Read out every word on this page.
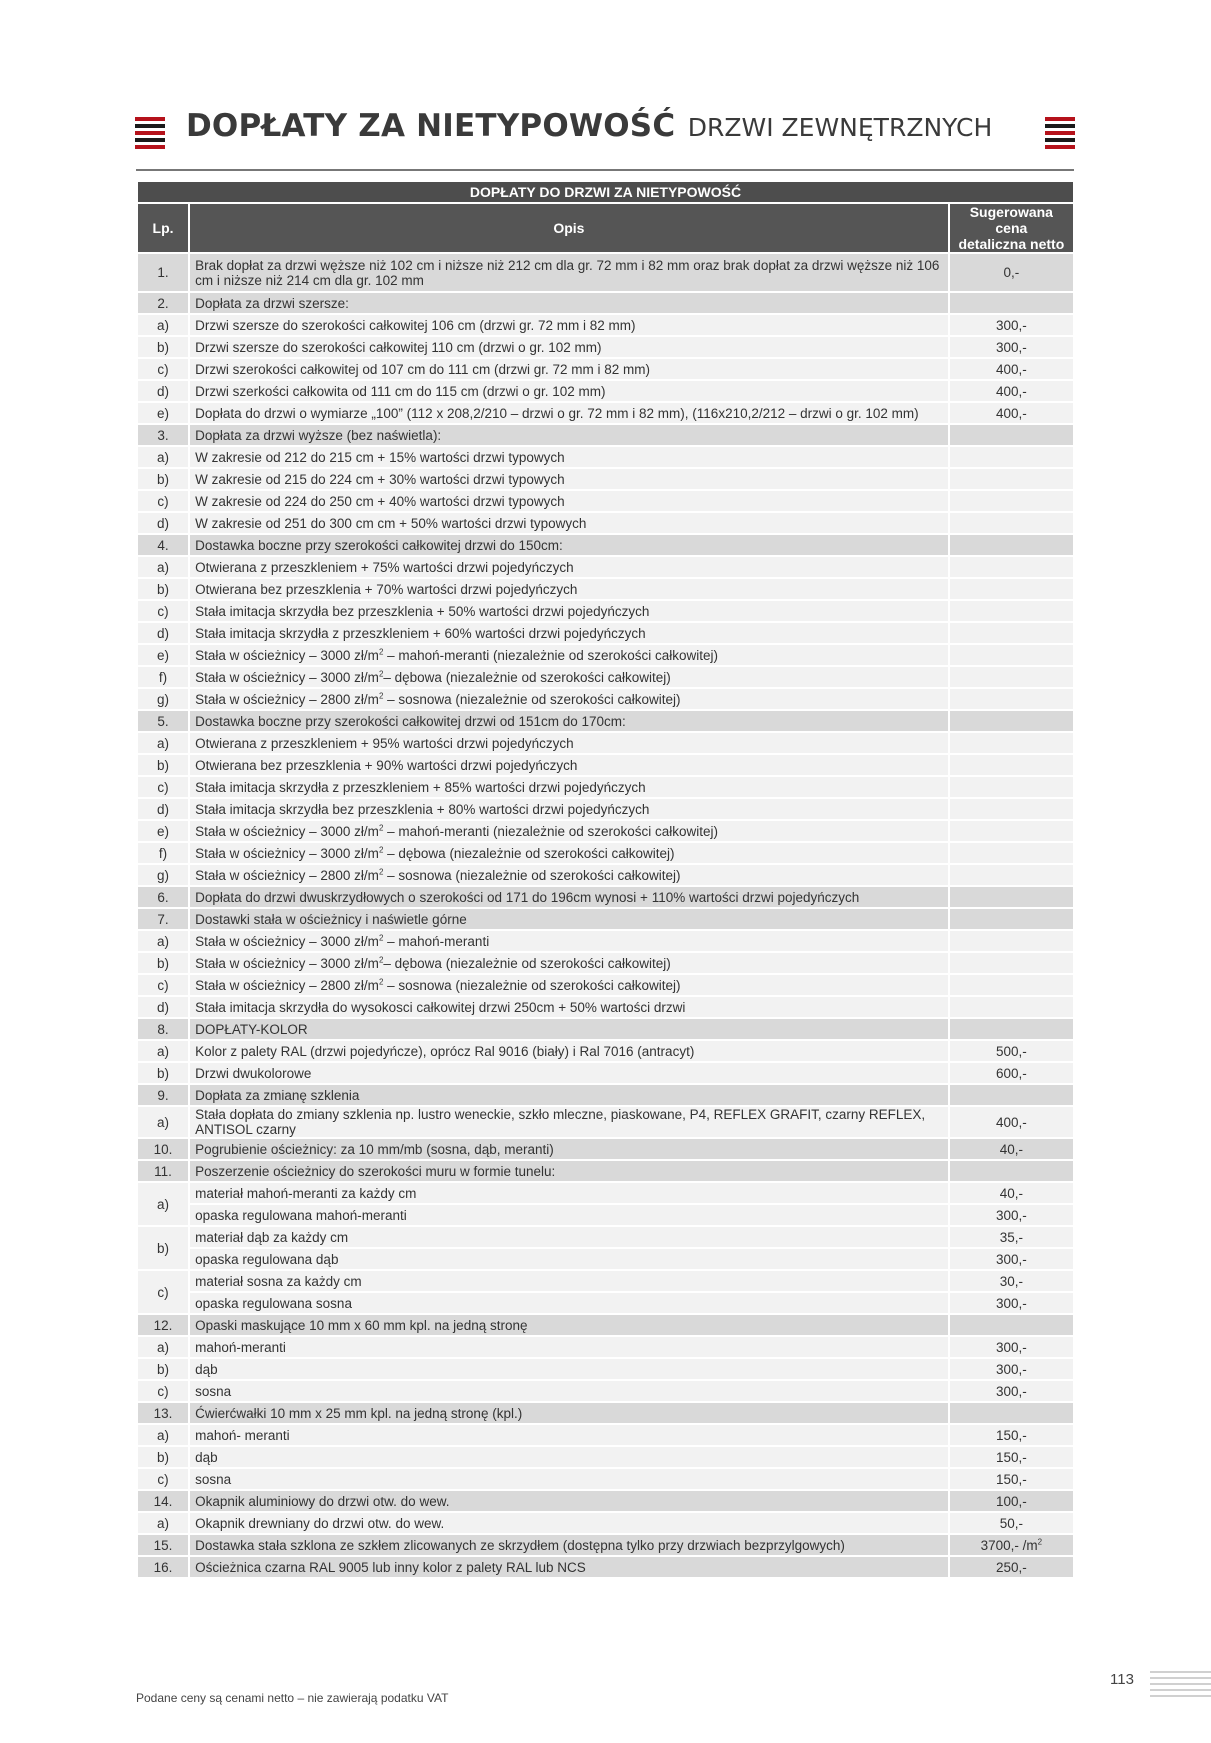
DOPŁATY ZA NIETYPOWOŚĆ DRZWI ZEWNĘTRZNYCH
DOPŁATY DO DRZWI ZA NIETYPOWOŚĆ		
Lp.	Opis	Sugerowana cena
detaliczna netto
1.	Brak dopłat za drzwi węższe niż 102 cm i niższe niż 212 cm dla gr. 72 mm i 82 mm oraz brak dopłat za drzwi węższe niż 106 cm i niższe niż 214 cm dla gr. 102 mm	0,-
2.	Dopłata za drzwi szersze:	
a)	Drzwi szersze do szerokości całkowitej 106 cm (drzwi gr. 72 mm i 82 mm)	300,-
b)	Drzwi szersze do szerokości całkowitej 110 cm (drzwi o gr. 102 mm)	300,-
c)	Drzwi szerokości całkowitej od 107 cm do 111 cm (drzwi gr. 72 mm i 82 mm)	400,-
d)	Drzwi szerkości całkowita od 111 cm do 115 cm (drzwi o gr. 102 mm)	400,-
e)	Dopłata do drzwi o wymiarze „100” (112 x 208,2/210 – drzwi o gr. 72 mm i 82 mm), (116x210,2/212 – drzwi o gr. 102 mm)	400,-
3.	Dopłata za drzwi wyższe (bez naświetla):	
a)	W zakresie od 212 do 215 cm + 15% wartości drzwi typowych	
b)	W zakresie od 215 do 224 cm + 30% wartości drzwi typowych	
c)	W zakresie od 224 do 250 cm + 40% wartości drzwi typowych	
d)	W zakresie od 251 do 300 cm cm + 50% wartości drzwi typowych	
4.	Dostawka boczne przy szerokości całkowitej drzwi do 150cm:	
a)	Otwierana z przeszkleniem + 75% wartości drzwi pojedyńczych	
b)	Otwierana bez przeszklenia + 70% wartości drzwi pojedyńczych	
c)	Stała imitacja skrzydła bez przeszklenia + 50% wartości drzwi pojedyńczych	
d)	Stała imitacja skrzydła z przeszkleniem + 60% wartości drzwi pojedyńczych	
e)	Stała w ościeżnicy – 3000 $zł/m^2$ – mahoń-meranti (niezależnie od szerokości całkowitej)	
f)	Stała w ościeżnicy – 3000 $zł/m^2-$ dębowa (niezależnie od szerokości całkowitej)	
g)	Stała w ościeżnicy – 2800 $zł/m^2$ – sosnowa (niezależnie od szerokości całkowitej)	
5.	Dostawka boczne przy szerokości całkowitej drzwi od 151cm do 170cm:	
a)	Otwierana z przeszkleniem + 95% wartości drzwi pojedyńczych	
b)	Otwierana bez przeszklenia + 90% wartości drzwi pojedyńczych	
c)	Stała imitacja skrzydła z przeszkleniem + 85% wartości drzwi pojedyńczych	
d)	Stała imitacja skrzydła bez przeszklenia + 80% wartości drzwi pojedyńczych	
e)	Stała w ościeżnicy – 3000 $zł/m^2$ – mahoń-meranti (niezależnie od szerokości całkowitej)	
f)	Stała w ościeżnicy – 3000 $zł/m^2$ – dębowa (niezależnie od szerokości całkowitej)	
g)	Stała w ościeżnicy – 2800 $zł/m^2$ – sosnowa (niezależnie od szerokości całkowitej)	
6.	Dopłata do drzwi dwuskrzydłowych o szerokości od 171 do 196cm wynosi + 110% wartości drzwi pojedyńczych	
7.	Dostawki stała w ościeżnicy i naświetle górne	
a)	Stała w ościeżnicy – 3000 $zł/m^2$ – mahoń-meranti	
b)	Stała w ościeżnicy – 3000 $zł/m^2-$ dębowa (niezależnie od szerokości całkowitej)	
c)	Stała w ościeżnicy – 2800 $zł/m^2$ – sosnowa (niezależnie od szerokości całkowitej)	
d)	Stała imitacja skrzydła do wysokosci całkowitej drzwi 250cm + 50% wartości drzwi	
8.	DOPŁATY-KOLOR	
a)	Kolor z palety RAL (drzwi pojedyńcze), oprócz Ral 9016 (biały) i Ral 7016 (antracyt)	500,-
b)	Drzwi dwukolorowe	600,-
9.	Dopłata za zmianę szklenia	
a)	Stała dopłata do zmiany szklenia np. lustro weneckie, szkło mleczne, piaskowane, P4, REFLEX GRAFIT, czarny REFLEX, ANTISOL czarny	400,-
10.	Pogrubienie ościeżnicy: za 10 mm/mb (sosna, dąb, meranti)	40,-
11.	Poszerzenie ościeżnicy do szerokości muru w formie tunelu:	
a)	materiał mahoń-meranti za każdy cm	40,-
	opaska regulowana mahoń-meranti	300,-
b)	materiał dąb za każdy cm	35,-
	opaska regulowana dąb	300,-
c)	materiał sosna za każdy cm	30,-
	opaska regulowana sosna	300,-
12.	Opaski maskujące 10 mm x 60 mm kpl. na jedną stronę	
a)	mahoń-meranti	300,-
b)	dąb	300,-
c)	sosna	300,-
13.	Ćwierćwałki 10 mm x 25 mm kpl. na jedną stronę (kpl.)	
a)	mahoń- meranti	150,-
b)	dąb	150,-
c)	sosna	150,-
14.	Okapnik aluminiowy do drzwi otw. do wew.	100,-
a)	Okapnik drewniany do drzwi otw. do wew.	50,-
15.	Dostawka stała szklona ze szkłem zlicowanych ze skrzydłem (dostępna tylko przy drzwiach bezprzylgowych)	3700,- $/m^2$
16.	Ościeżnica czarna RAL 9005 lub inny kolor z palety RAL lub NCS	250,-
Podane ceny są cenami netto – nie zawierają podatku VAT
113
